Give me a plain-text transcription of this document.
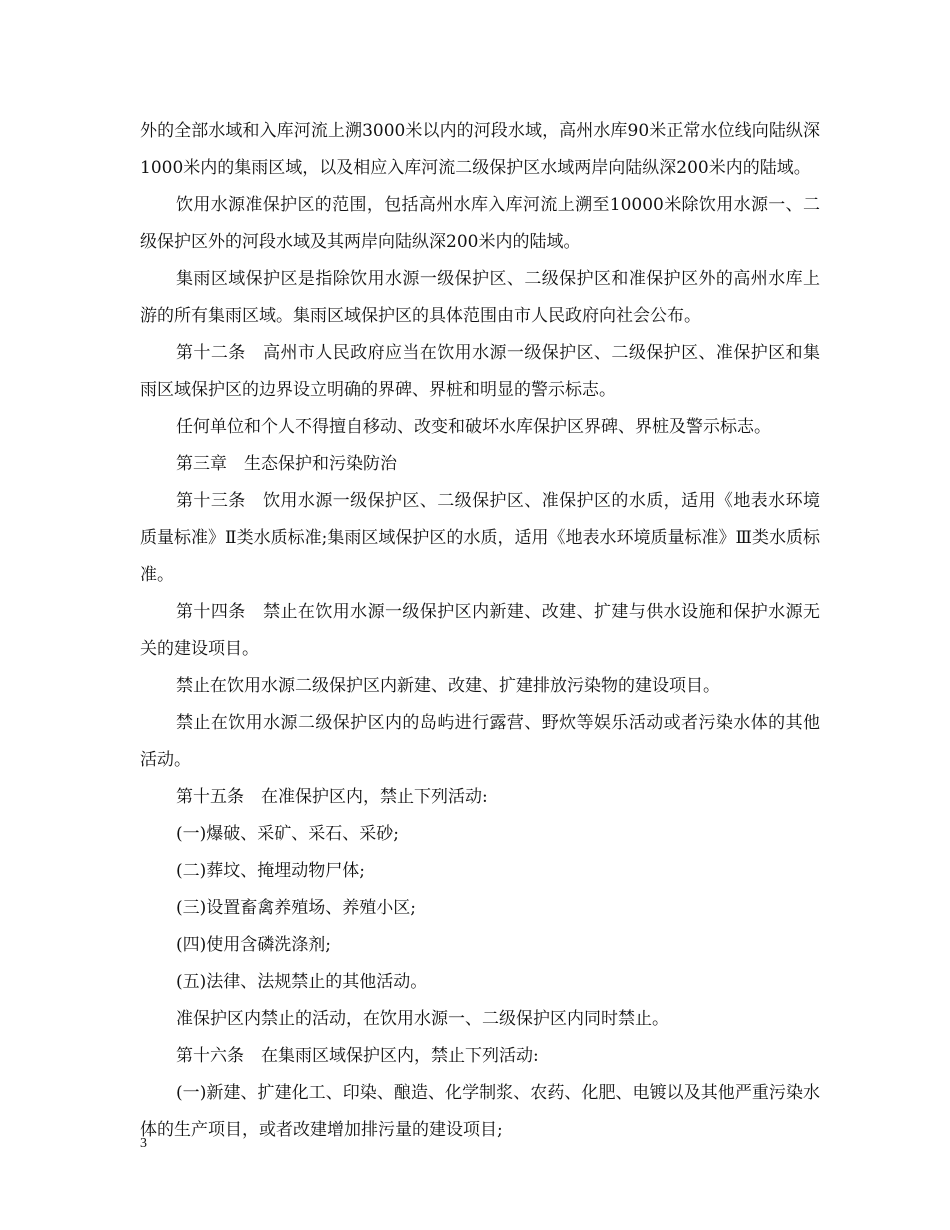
外的全部水域和入库河流上溯3000米以内的河段水域，高州水库90米正常水位线向陆纵深1000米内的集雨区域，以及相应入库河流二级保护区水域两岸向陆纵深200米内的陆域。

饮用水源准保护区的范围，包括高州水库入库河流上溯至10000米除饮用水源一、二级保护区外的河段水域及其两岸向陆纵深200米内的陆域。

集雨区域保护区是指除饮用水源一级保护区、二级保护区和准保护区外的高州水库上游的所有集雨区域。集雨区域保护区的具体范围由市人民政府向社会公布。

第十二条　高州市人民政府应当在饮用水源一级保护区、二级保护区、准保护区和集雨区域保护区的边界设立明确的界碑、界桩和明显的警示标志。

任何单位和个人不得擅自移动、改变和破坏水库保护区界碑、界桩及警示标志。

第三章　生态保护和污染防治

第十三条　饮用水源一级保护区、二级保护区、准保护区的水质，适用《地表水环境质量标准》Ⅱ类水质标准;集雨区域保护区的水质，适用《地表水环境质量标准》Ⅲ类水质标准。

第十四条　禁止在饮用水源一级保护区内新建、改建、扩建与供水设施和保护水源无关的建设项目。

禁止在饮用水源二级保护区内新建、改建、扩建排放污染物的建设项目。

禁止在饮用水源二级保护区内的岛屿进行露营、野炊等娱乐活动或者污染水体的其他活动。

第十五条　在准保护区内，禁止下列活动:

(一)爆破、采矿、采石、采砂;

(二)葬坟、掩埋动物尸体;

(三)设置畜禽养殖场、养殖小区;

(四)使用含磷洗涤剂;

(五)法律、法规禁止的其他活动。

准保护区内禁止的活动，在饮用水源一、二级保护区内同时禁止。

第十六条　在集雨区域保护区内，禁止下列活动:

(一)新建、扩建化工、印染、酿造、化学制浆、农药、化肥、电镀以及其他严重污染水体的生产项目，或者改建增加排污量的建设项目;

3
